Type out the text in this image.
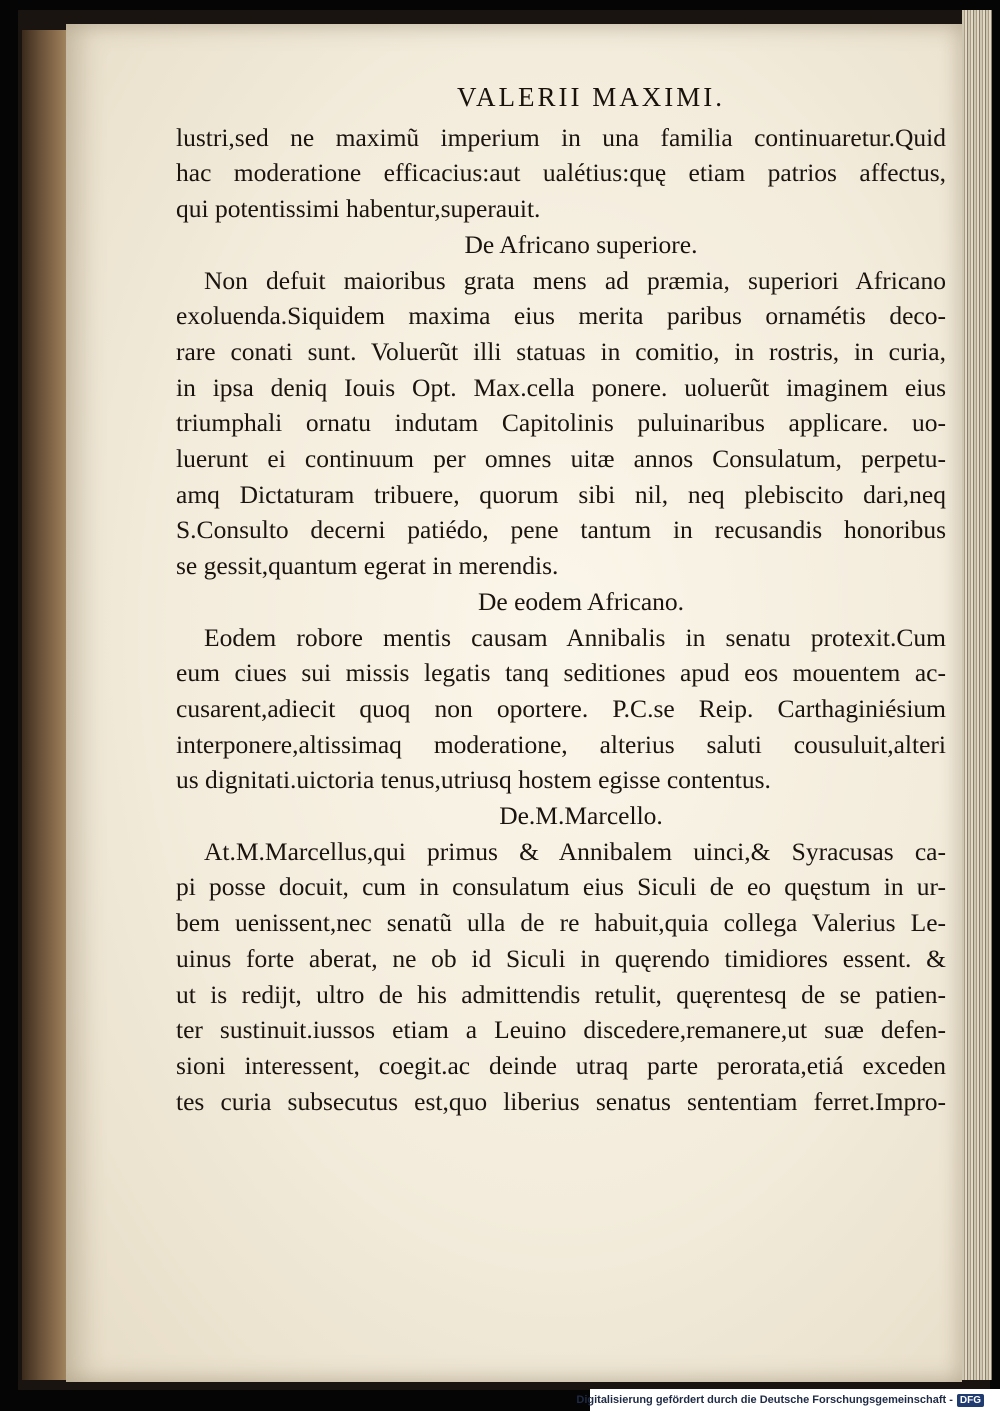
VALERII MAXIMI.
lustri,sed ne maximũ imperium in una familia continuaretur.Quid
hac moderatione efficacius:aut ualétius:quę etiam patrios affectus,
qui potentissimi habentur,superauit.
De Africano superiore.
Non defuit maioribus grata mens ad præmia, superiori Africano
exoluenda.Siquidem maxima eius merita paribus ornamétis deco-
rare conati sunt. Voluerũt illi statuas in comitio, in rostris, in curia,
in ipsa deniq Iouis Opt. Max.cella ponere. uoluerũt imaginem eius
triumphali ornatu indutam Capitolinis puluinaribus applicare. uo-
luerunt ei continuum per omnes uitæ annos Consulatum, perpetu-
amq Dictaturam tribuere, quorum sibi nil, neq plebiscito dari,neq
S.Consulto decerni patiédo, pene tantum in recusandis honoribus
se gessit,quantum egerat in merendis.
De eodem Africano.
Eodem robore mentis causam Annibalis in senatu protexit.Cum
eum ciues sui missis legatis tanq seditiones apud eos mouentem ac-
cusarent,adiecit quoq non oportere. P.C.se Reip. Carthaginiésium
interponere,altissimaq moderatione, alterius saluti cousuluit,alteri
us dignitati.uictoria tenus,utriusq hostem egisse contentus.
De.M.Marcello.
At.M.Marcellus,qui primus & Annibalem uinci,& Syracusas ca-
pi posse docuit, cum in consulatum eius Siculi de eo quęstum in ur-
bem uenissent,nec senatũ ulla de re habuit,quia collega Valerius Le-
uinus forte aberat, ne ob id Siculi in quęrendo timidiores essent. &
ut is redijt, ultro de his admittendis retulit, quęrentesq de se patien-
ter sustinuit.iussos etiam a Leuino discedere,remanere,ut suæ defen-
sioni interessent, coegit.ac deinde utraq parte perorata,etiá exceden
tes curia subsecutus est,quo liberius senatus sententiam ferret.Impro-
Digitalisierung gefördert durch die Deutsche Forschungsgemeinschaft - DFG
